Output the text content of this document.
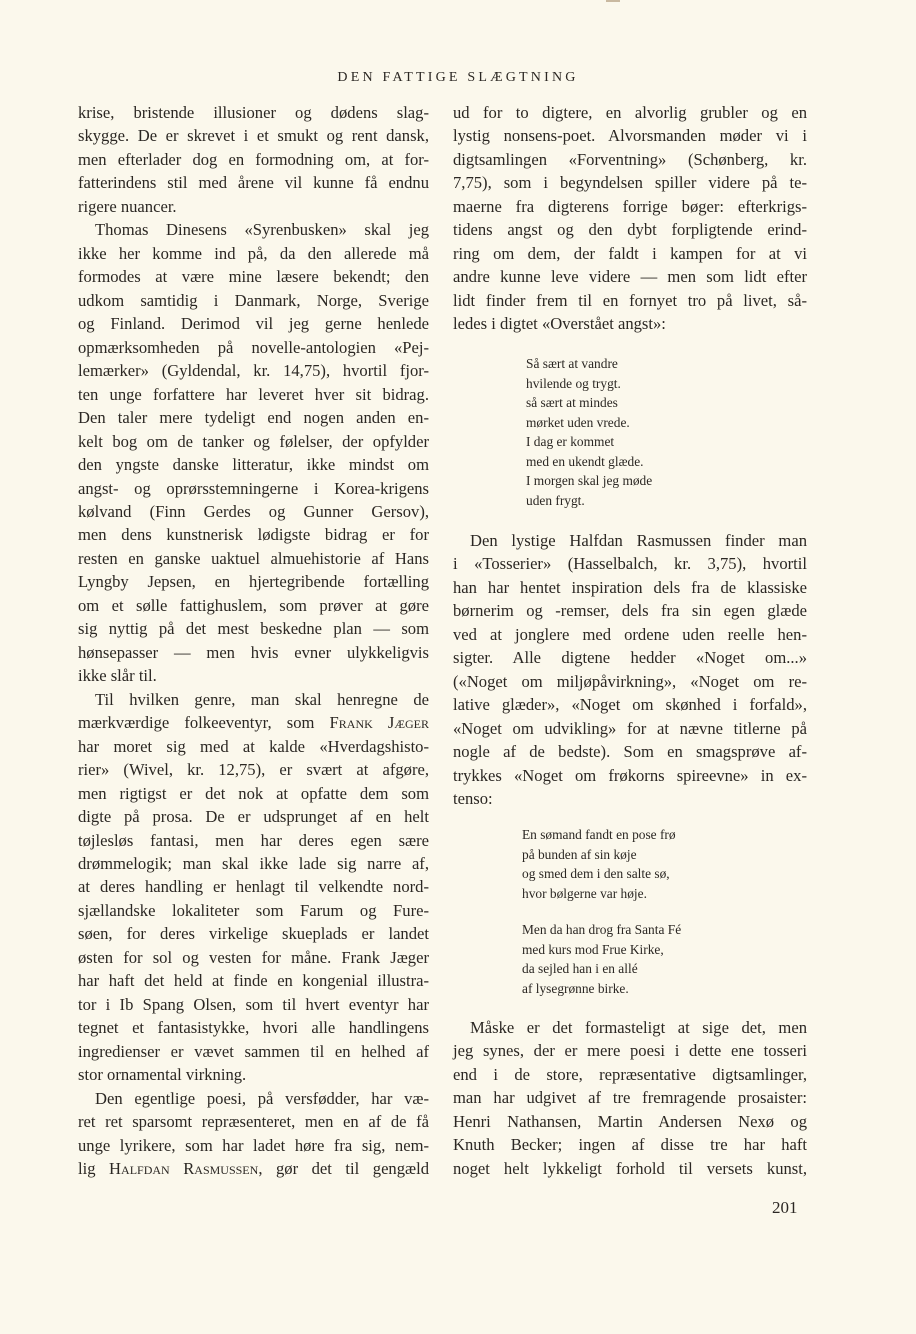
DEN FATTIGE SLÆGTNING
krise, bristende illusioner og dødens slag-
skygge. De er skrevet i et smukt og rent dansk,
men efterlader dog en formodning om, at for-
fatterindens stil med årene vil kunne få endnu
rigere nuancer.
Thomas Dinesens «Syrenbusken» skal jeg
ikke her komme ind på, da den allerede må
formodes at være mine læsere bekendt; den
udkom samtidig i Danmark, Norge, Sverige
og Finland. Derimod vil jeg gerne henlede
opmærksomheden på novelle-antologien «Pej-
lemærker» (Gyldendal, kr. 14,75), hvortil fjor-
ten unge forfattere har leveret hver sit bidrag.
Den taler mere tydeligt end nogen anden en-
kelt bog om de tanker og følelser, der opfylder
den yngste danske litteratur, ikke mindst om
angst- og oprørsstemningerne i Korea-krigens
kølvand (Finn Gerdes og Gunner Gersov),
men dens kunstnerisk lødigste bidrag er for
resten en ganske uaktuel almuehistorie af Hans
Lyngby Jepsen, en hjertegribende fortælling
om et sølle fattighuslem, som prøver at gøre
sig nyttig på det mest beskedne plan — som
hønsepasser — men hvis evner ulykkeligvis
ikke slår til.
Til hvilken genre, man skal henregne de
mærkværdige folkeeventyr, som Frank Jæger
har moret sig med at kalde «Hverdagshisto-
rier» (Wivel, kr. 12,75), er svært at afgøre,
men rigtigst er det nok at opfatte dem som
digte på prosa. De er udsprunget af en helt
tøjlesløs fantasi, men har deres egen sære
drømmelogik; man skal ikke lade sig narre af,
at deres handling er henlagt til velkendte nord-
sjællandske lokaliteter som Farum og Fure-
søen, for deres virkelige skueplads er landet
østen for sol og vesten for måne. Frank Jæger
har haft det held at finde en kongenial illustra-
tor i Ib Spang Olsen, som til hvert eventyr har
tegnet et fantasistykke, hvori alle handlingens
ingredienser er vævet sammen til en helhed af
stor ornamental virkning.
Den egentlige poesi, på versfødder, har væ-
ret ret sparsomt repræsenteret, men en af de få
unge lyrikere, som har ladet høre fra sig, nem-
lig Halfdan Rasmussen, gør det til gengæld
ud for to digtere, en alvorlig grubler og en
lystig nonsens-poet. Alvorsmanden møder vi i
digtsamlingen «Forventning» (Schønberg, kr.
7,75), som i begyndelsen spiller videre på te-
maerne fra digterens forrige bøger: efterkrigs-
tidens angst og den dybt forpligtende erind-
ring om dem, der faldt i kampen for at vi
andre kunne leve videre — men som lidt efter
lidt finder frem til en fornyet tro på livet, så-
ledes i digtet «Overstået angst»:
Så sært at vandre
hvilende og trygt.
så sært at mindes
mørket uden vrede.
I dag er kommet
med en ukendt glæde.
I morgen skal jeg møde
uden frygt.
Den lystige Halfdan Rasmussen finder man
i «Tosserier» (Hasselbalch, kr. 3,75), hvortil
han har hentet inspiration dels fra de klassiske
børnerim og -remser, dels fra sin egen glæde
ved at jonglere med ordene uden reelle hen-
sigter. Alle digtene hedder «Noget om...»
(«Noget om miljøpåvirkning», «Noget om re-
lative glæder», «Noget om skønhed i forfald»,
«Noget om udvikling» for at nævne titlerne på
nogle af de bedste). Som en smagsprøve af-
trykkes «Noget om frøkorns spireevne» in ex-
tenso:
En sømand fandt en pose frø
på bunden af sin køje
og smed dem i den salte sø,
hvor bølgerne var høje.
Men da han drog fra Santa Fé
med kurs mod Frue Kirke,
da sejled han i en allé
af lysegrønne birke.
Måske er det formasteligt at sige det, men
jeg synes, der er mere poesi i dette ene tosseri
end i de store, repræsentative digtsamlinger,
man har udgivet af tre fremragende prosaister:
Henri Nathansen, Martin Andersen Nexø og
Knuth Becker; ingen af disse tre har haft
noget helt lykkeligt forhold til versets kunst,
201
